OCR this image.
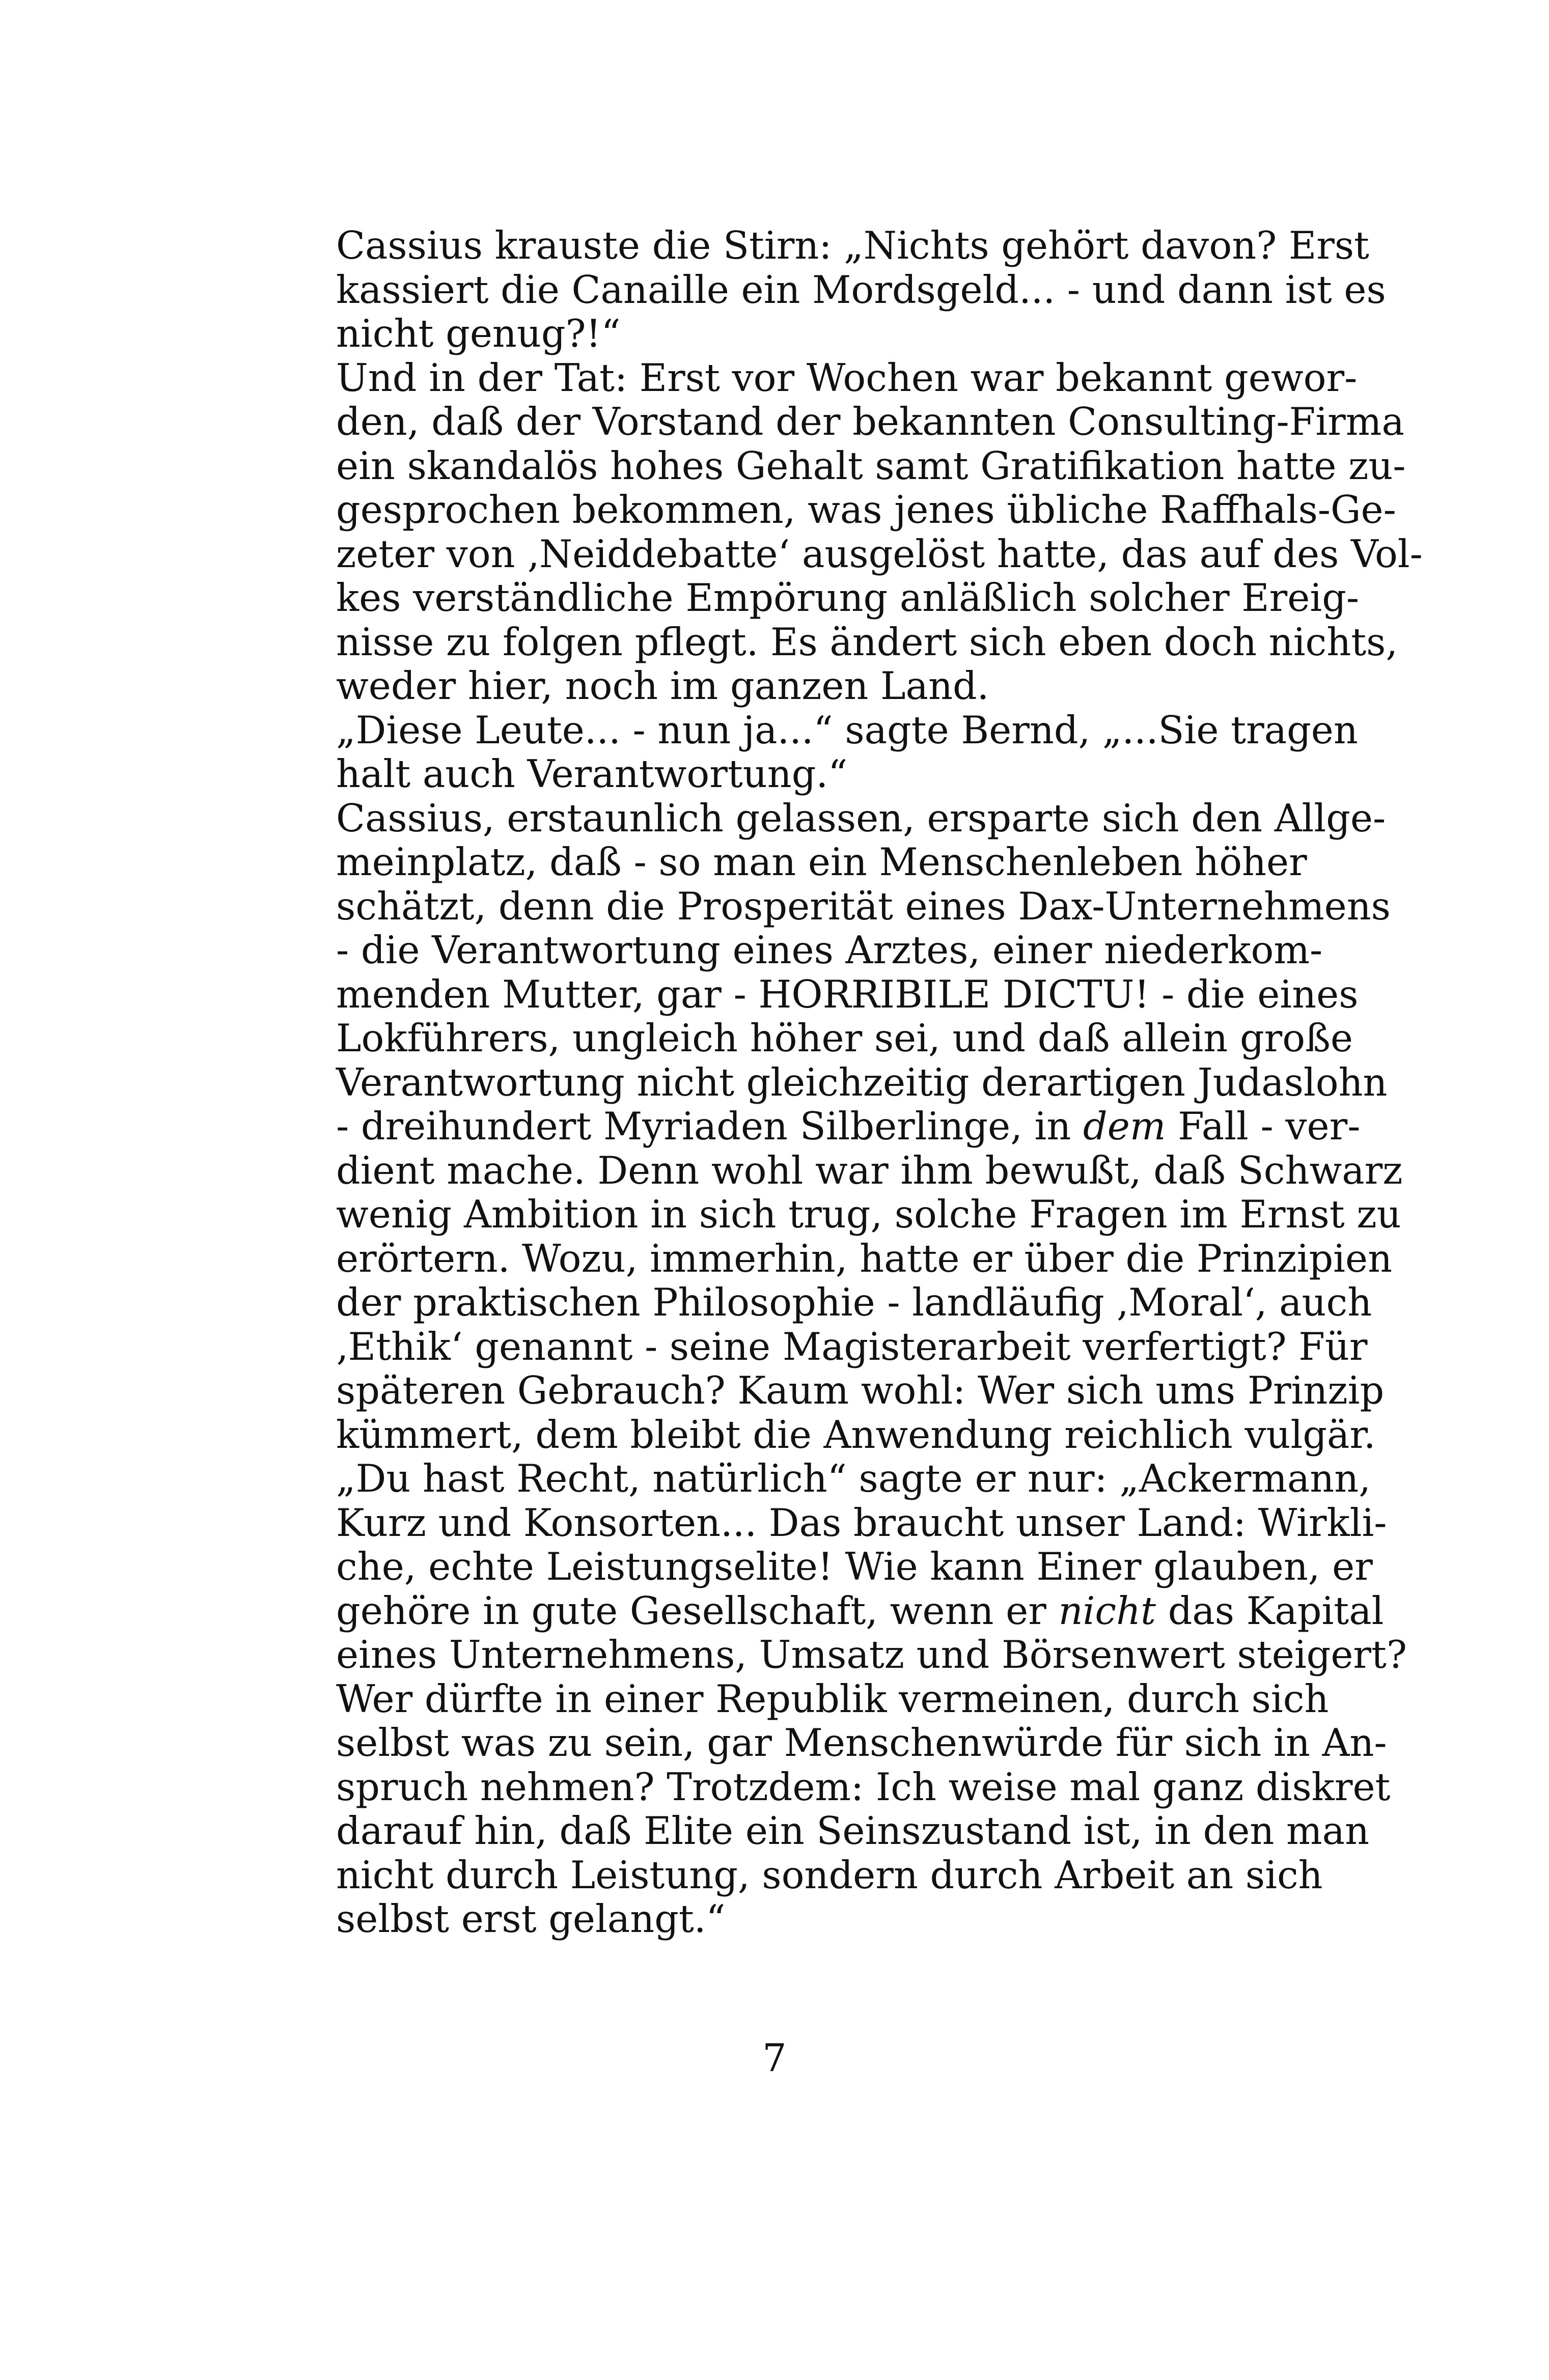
Cassius krauste die Stirn: „Nichts gehört davon? Erst
kassiert die Canaille ein Mordsgeld... - und dann ist es
nicht genug?!“
Und in der Tat: Erst vor Wochen war bekannt gewor-
den, daß der Vorstand der bekannten Consulting-Firma
ein skandalös hohes Gehalt samt Gratifikation hatte zu-
gesprochen bekommen, was jenes übliche Raffhals-Ge-
zeter von ‚Neiddebatte‘ ausgelöst hatte, das auf des Vol-
kes verständliche Empörung anläßlich solcher Ereig-
nisse zu folgen pflegt. Es ändert sich eben doch nichts,
weder hier, noch im ganzen Land.
„Diese Leute... - nun ja...“ sagte Bernd, „...Sie tragen
halt auch Verantwortung.“
Cassius, erstaunlich gelassen, ersparte sich den Allge-
meinplatz, daß - so man ein Menschenleben höher
schätzt, denn die Prosperität eines Dax-Unternehmens
- die Verantwortung eines Arztes, einer niederkom-
menden Mutter, gar - HORRIBILE DICTU! - die eines
Lokführers, ungleich höher sei, und daß allein große
Verantwortung nicht gleichzeitig derartigen Judaslohn
- dreihundert Myriaden Silberlinge, in dem Fall - ver-
dient mache. Denn wohl war ihm bewußt, daß Schwarz
wenig Ambition in sich trug, solche Fragen im Ernst zu
erörtern. Wozu, immerhin, hatte er über die Prinzipien
der praktischen Philosophie - landläufig ‚Moral‘, auch
‚Ethik‘ genannt - seine Magisterarbeit verfertigt? Für
späteren Gebrauch? Kaum wohl: Wer sich ums Prinzip
kümmert, dem bleibt die Anwendung reichlich vulgär.
„Du hast Recht, natürlich“ sagte er nur: „Ackermann,
Kurz und Konsorten... Das braucht unser Land: Wirkli-
che, echte Leistungselite! Wie kann Einer glauben, er
gehöre in gute Gesellschaft, wenn er nicht das Kapital
eines Unternehmens, Umsatz und Börsenwert steigert?
Wer dürfte in einer Republik vermeinen, durch sich
selbst was zu sein, gar Menschenwürde für sich in An-
spruch nehmen? Trotzdem: Ich weise mal ganz diskret
darauf hin, daß Elite ein Seinszustand ist, in den man
nicht durch Leistung, sondern durch Arbeit an sich
selbst erst gelangt.“
7
